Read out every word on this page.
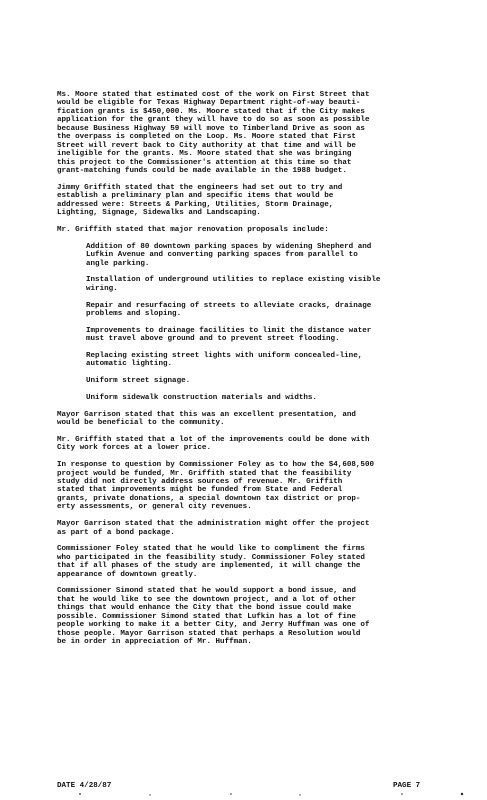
Ms. Moore stated that estimated cost of the work on First Street that
would be eligible for Texas Highway Department right-of-way beauti-
fication grants is $450,000. Ms. Moore stated that if the City makes
application for the grant they will have to do so as soon as possible
because Business Highway 59 will move to Timberland Drive as soon as
the overpass is completed on the Loop. Ms. Moore stated that First
Street will revert back to City authority at that time and will be
ineligible for the grants. Ms. Moore stated that she was bringing
this project to the Commissioner's attention at this time so that
grant-matching funds could be made available in the 1988 budget.

Jimmy Griffith stated that the engineers had set out to try and
establish a preliminary plan and specific items that would be
addressed were: Streets & Parking, Utilities, Storm Drainage,
Lighting, Signage, Sidewalks and Landscaping.

Mr. Griffith stated that major renovation proposals include:

Addition of 80 downtown parking spaces by widening Shepherd and
Lufkin Avenue and converting parking spaces from parallel to
angle parking.
Installation of underground utilities to replace existing visible
wiring.
Repair and resurfacing of streets to alleviate cracks, drainage
problems and sloping.
Improvements to drainage facilities to limit the distance water
must travel above ground and to prevent street flooding.
Replacing existing street lights with uniform concealed-line,
automatic lighting.
Uniform street signage.
Uniform sidewalk construction materials and widths.

Mayor Garrison stated that this was an excellent presentation, and
would be beneficial to the community.

Mr. Griffith stated that a lot of the improvements could be done with
City work forces at a lower price.

In response to question by Commissioner Foley as to how the $4,608,500
project would be funded, Mr. Griffith stated that the feasibility
study did not directly address sources of revenue. Mr. Griffith
stated that improvements might be funded from State and Federal
grants, private donations, a special downtown tax district or prop-
erty assessments, or general city revenues.

Mayor Garrison stated that the administration might offer the project
as part of a bond package.

Commissioner Foley stated that he would like to compliment the firms
who participated in the feasibility study. Commissioner Foley stated
that if all phases of the study are implemented, it will change the
appearance of downtown greatly.

Commissioner Simond stated that he would support a bond issue, and
that he would like to see the downtown project, and a lot of other
things that would enhance the City that the bond issue could make
possible. Commissioner Simond stated that Lufkin has a lot of fine
people working to make it a better City, and Jerry Huffman was one of
those people. Mayor Garrison stated that perhaps a Resolution would
be in order in appreciation of Mr. Huffman.

DATE 4/28/87	PAGE 7
